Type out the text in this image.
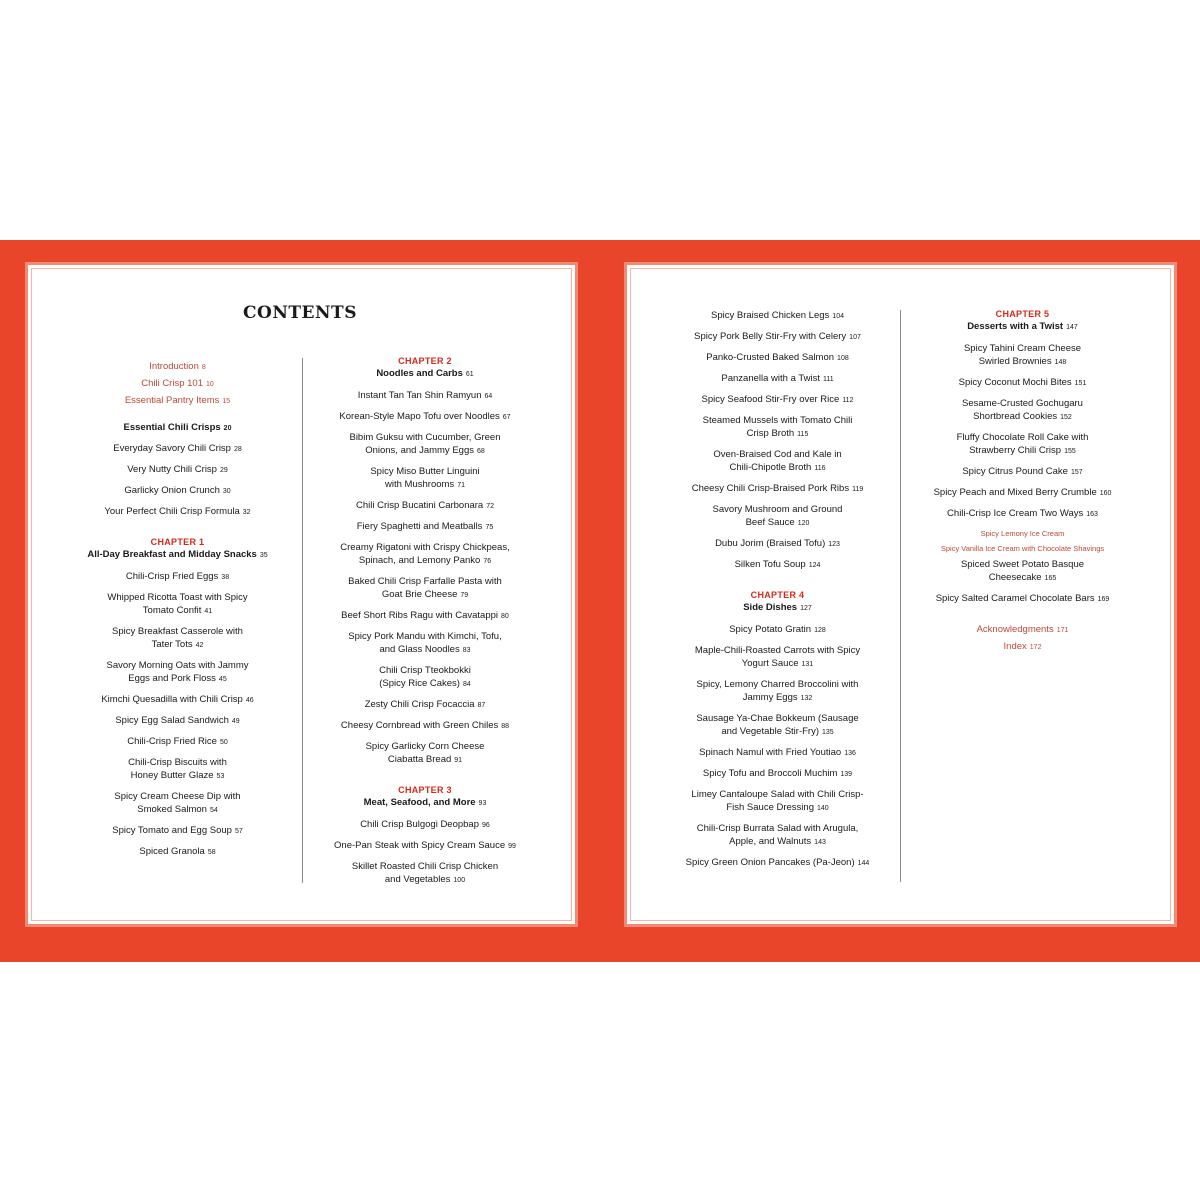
CONTENTS
Introduction 8
Chili Crisp 101 10
Essential Pantry Items 15
Essential Chili Crisps 20
Everyday Savory Chili Crisp 28
Very Nutty Chili Crisp 29
Garlicky Onion Crunch 30
Your Perfect Chili Crisp Formula 32
CHAPTER 1
All-Day Breakfast and Midday Snacks 35
Chili-Crisp Fried Eggs 38
Whipped Ricotta Toast with Spicy
Tomato Confit 41
Spicy Breakfast Casserole with
Tater Tots 42
Savory Morning Oats with Jammy
Eggs and Pork Floss 45
Kimchi Quesadilla with Chili Crisp 46
Spicy Egg Salad Sandwich 49
Chili-Crisp Fried Rice 50
Chili-Crisp Biscuits with
Honey Butter Glaze 53
Spicy Cream Cheese Dip with
Smoked Salmon 54
Spicy Tomato and Egg Soup 57
Spiced Granola 58
CHAPTER 2
Noodles and Carbs 61
Instant Tan Tan Shin Ramyun 64
Korean-Style Mapo Tofu over Noodles 67
Bibim Guksu with Cucumber, Green
Onions, and Jammy Eggs 68
Spicy Miso Butter Linguini
with Mushrooms 71
Chili Crisp Bucatini Carbonara 72
Fiery Spaghetti and Meatballs 75
Creamy Rigatoni with Crispy Chickpeas,
Spinach, and Lemony Panko 76
Baked Chili Crisp Farfalle Pasta with
Goat Brie Cheese 79
Beef Short Ribs Ragu with Cavatappi 80
Spicy Pork Mandu with Kimchi, Tofu,
and Glass Noodles 83
Chili Crisp Tteokbokki
(Spicy Rice Cakes) 84
Zesty Chili Crisp Focaccia 87
Cheesy Cornbread with Green Chiles 88
Spicy Garlicky Corn Cheese
Ciabatta Bread 91
CHAPTER 3
Meat, Seafood, and More 93
Chili Crisp Bulgogi Deopbap 96
One-Pan Steak with Spicy Cream Sauce 99
Skillet Roasted Chili Crisp Chicken
and Vegetables 100
Spicy Braised Chicken Legs 104
Spicy Pork Belly Stir-Fry with Celery 107
Panko-Crusted Baked Salmon 108
Panzanella with a Twist 111
Spicy Seafood Stir-Fry over Rice 112
Steamed Mussels with Tomato Chili
Crisp Broth 115
Oven-Braised Cod and Kale in
Chili-Chipotle Broth 116
Cheesy Chili Crisp-Braised Pork Ribs 119
Savory Mushroom and Ground
Beef Sauce 120
Dubu Jorim (Braised Tofu) 123
Silken Tofu Soup 124
CHAPTER 4
Side Dishes 127
Spicy Potato Gratin 128
Maple-Chili-Roasted Carrots with Spicy
Yogurt Sauce 131
Spicy, Lemony Charred Broccolini with
Jammy Eggs 132
Sausage Ya-Chae Bokkeum (Sausage
and Vegetable Stir-Fry) 135
Spinach Namul with Fried Youtiao 136
Spicy Tofu and Broccoli Muchim 139
Limey Cantaloupe Salad with Chili Crisp-
Fish Sauce Dressing 140
Chili-Crisp Burrata Salad with Arugula,
Apple, and Walnuts 143
Spicy Green Onion Pancakes (Pa-Jeon) 144
CHAPTER 5
Desserts with a Twist 147
Spicy Tahini Cream Cheese
Swirled Brownies 148
Spicy Coconut Mochi Bites 151
Sesame-Crusted Gochugaru
Shortbread Cookies 152
Fluffy Chocolate Roll Cake with
Strawberry Chili Crisp 155
Spicy Citrus Pound Cake 157
Spicy Peach and Mixed Berry Crumble 160
Chili-Crisp Ice Cream Two Ways 163
Spicy Lemony Ice Cream
Spicy Vanilla Ice Cream with Chocolate Shavings
Spiced Sweet Potato Basque
Cheesecake 165
Spicy Salted Caramel Chocolate Bars 169
Acknowledgments 171
Index 172
